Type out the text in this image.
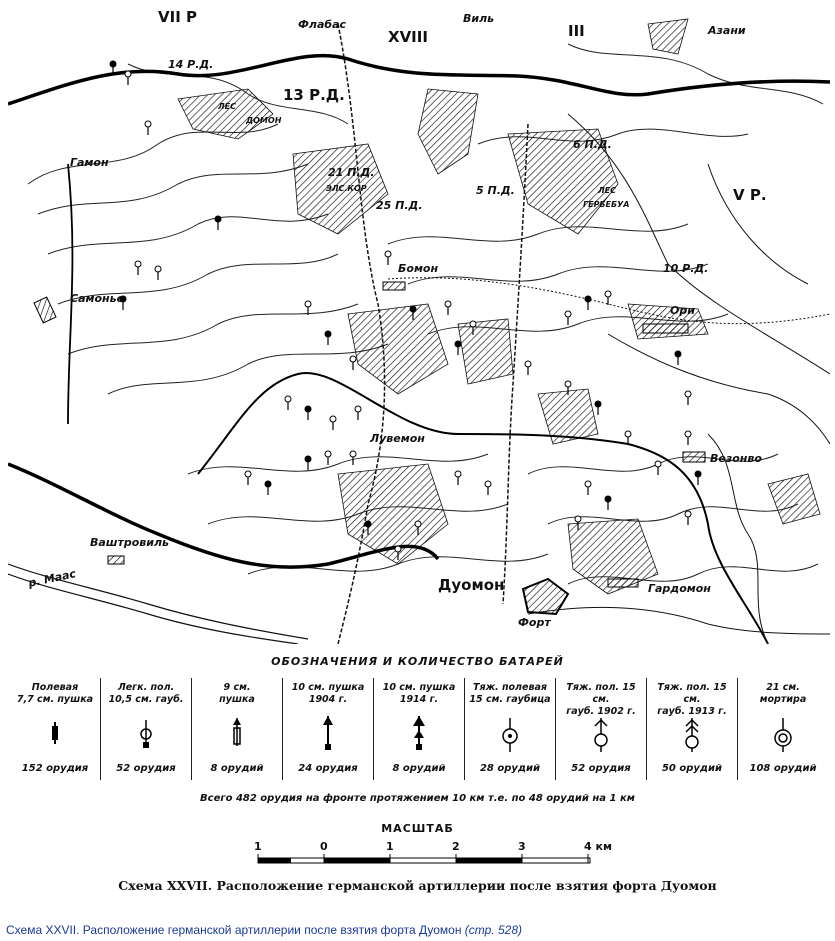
VII Р
XVIII	III
V Р.
14 Р.Д.
13 Р.Д.
21 П.Д.
25 П.Д.
5 П.Д.
6 П.Д.
10 Р.Д.
Флабас	Виль
Азани
Гамон
Самонье
Бомон
Ори
Лувемон
Везонво
Ваштровиль
Дуомон	Гардомон
Форт
р. Маас
ЛЕС
ДОМОН
ЭЛС.КОР	ЛЕС
ГЕРБЕБУА
ОБОЗНАЧЕНИЯ И КОЛИЧЕСТВО БАТАРЕЙ
Полевая
7,7 см. пушка
152 орудия
Легк. пол.
10,5 см. гауб.
52 орудия
9 см.
пушка
8 орудий
10 см. пушка
1904 г.
24 орудия
10 см. пушка
1914 г.
8 орудий
Тяж. полевая
15 см. гаубица
28 орудий
Тяж. пол. 15 см.
гауб. 1902 г.
52 орудия
Тяж. пол. 15 см.
гауб. 1913 г.
50 орудий
21 см.
мортира
108 орудий
Всего 482 орудия на фронте протяжением 10 км т.е. по 48 орудий на 1 км
МАСШТАБ
1	0	1	2	3	4 км
Схема XXVII. Расположение германской артиллерии после взятия форта Дуомон
Схема XXVII. Расположение германской артиллерии после взятия форта Дуомон (стр. 528)
